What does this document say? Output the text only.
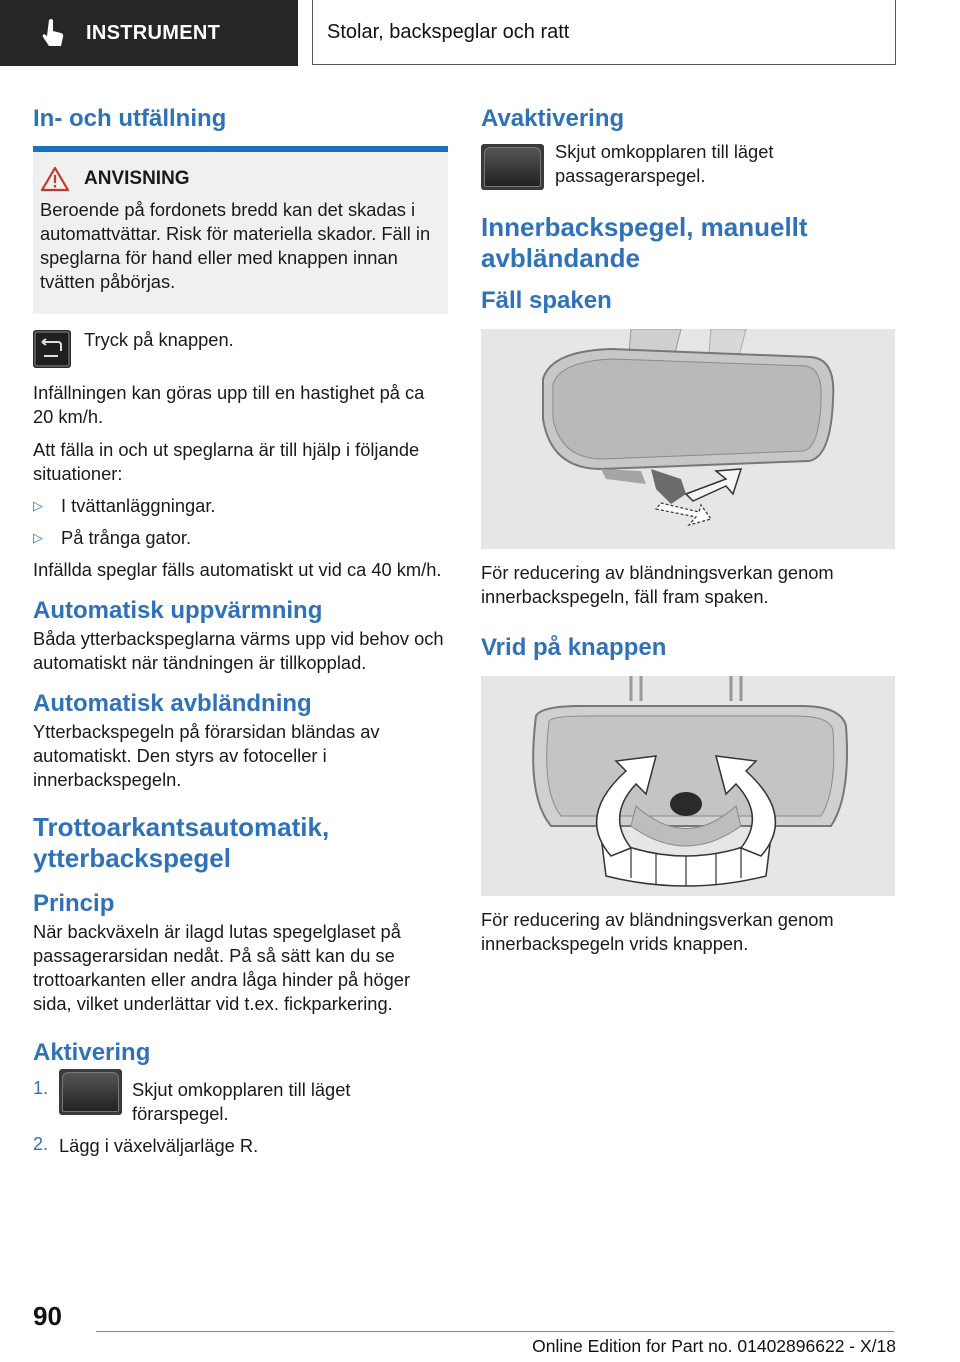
INSTRUMENT	Stolar, backspeglar och ratt
In- och utfällning
ANVISNING

Beroende på fordonets bredd kan det skadas i automattvättar. Risk för materiella skador. Fäll in speglarna för hand eller med knappen innan tvätten påbörjas.

Tryck på knappen.

Infällningen kan göras upp till en hastighet på ca 20 km/h.

Att fälla in och ut speglarna är till hjälp i följande situationer:

▷ I tvättanläggningar.

▷ På trånga gator.

Infällda speglar fälls automatiskt ut vid ca 40 km/h.

Automatisk uppvärmning

Båda ytterbackspeglarna värms upp vid behov och automatiskt när tändningen är tillkopplad.

Automatisk avbländning

Ytterbackspegeln på förarsidan bländas av automatiskt. Den styrs av fotoceller i innerbackspegeln.

Trottoarkantsautomatik, ytterbackspegel
Princip

När backväxeln är ilagd lutas spegelglaset på passagerarsidan nedåt. På så sätt kan du se trottoarkanten eller andra låga hinder på höger sida, vilket underlättar vid t.ex. fickparkering.

Aktivering
1.	Skjut omkopplaren till läget förarspegel.

2. Lägg i växelväljarläge R.

Avaktivering

Skjut omkopplaren till läget passagerarspegel.

Innerbackspegel, manuellt avbländande
Fäll spaken

För reducering av bländningsverkan genom innerbackspegeln, fäll fram spaken.

Vrid på knappen

För reducering av bländningsverkan genom innerbackspegeln vrids knappen.

90
Online Edition for Part no. 01402896622 - X/18
